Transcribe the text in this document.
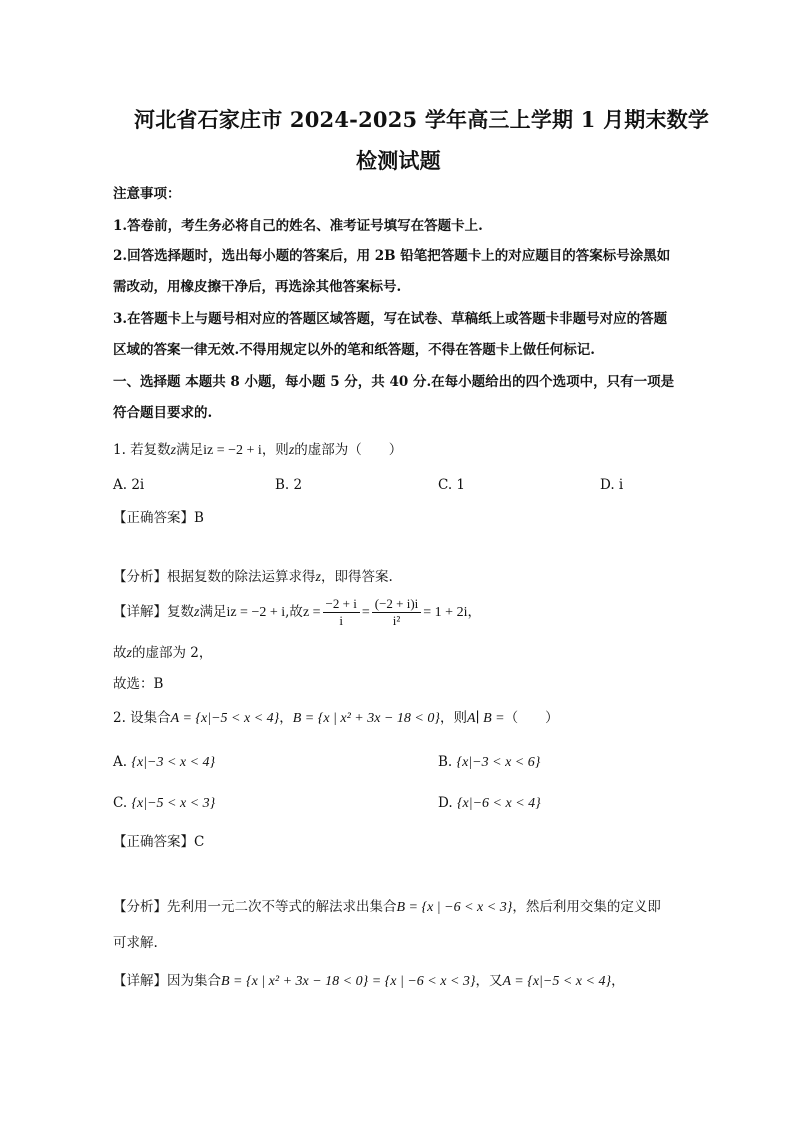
河北省石家庄市 2024-2025 学年高三上学期 1 月期末数学
检测试题
注意事项：
1.答卷前，考生务必将自己的姓名、准考证号填写在答题卡上.
2.回答选择题时，选出每小题的答案后，用 2B 铅笔把答题卡上的对应题目的答案标号涂黑如
需改动，用橡皮擦干净后，再选涂其他答案标号.
3.在答题卡上与题号相对应的答题区域答题，写在试卷、草稿纸上或答题卡非题号对应的答题
区域的答案一律无效.不得用规定以外的笔和纸答题，不得在答题卡上做任何标记.
一、选择题 本题共 8 小题，每小题 5 分，共 40 分.在每小题给出的四个选项中，只有一项是
符合题目要求的.
1. 若复数z满足iz = −2 + i，则z的虚部为（　　）
A. 2i	B. 2	C. 1	D. i
【正确答案】B
【分析】根据复数的除法运算求得z，即得答案.
【详解】复数z满足iz = −2 + i,故$z = \frac{-2 + i}{i} = \frac{(-2 + i)i}{\text{i²}} = 1 + 2i$，
故z的虚部为 2，
故选：B
2. 设集合A = {x|−5 < x < 4}，B = {x | x² + 3x − 18 < 0}，则A∣ B =（　　）
A. {x|−3 < x < 4}	B. {x|−3 < x < 6}
C. {x|−5 < x < 3}	D. {x|−6 < x < 4}
【正确答案】C
【分析】先利用一元二次不等式的解法求出集合B = {x | −6 < x < 3}，然后利用交集的定义即
可求解.
【详解】因为集合B = {x | x² + 3x − 18 < 0} = {x | −6 < x < 3}，又A = {x|−5 < x < 4}，
